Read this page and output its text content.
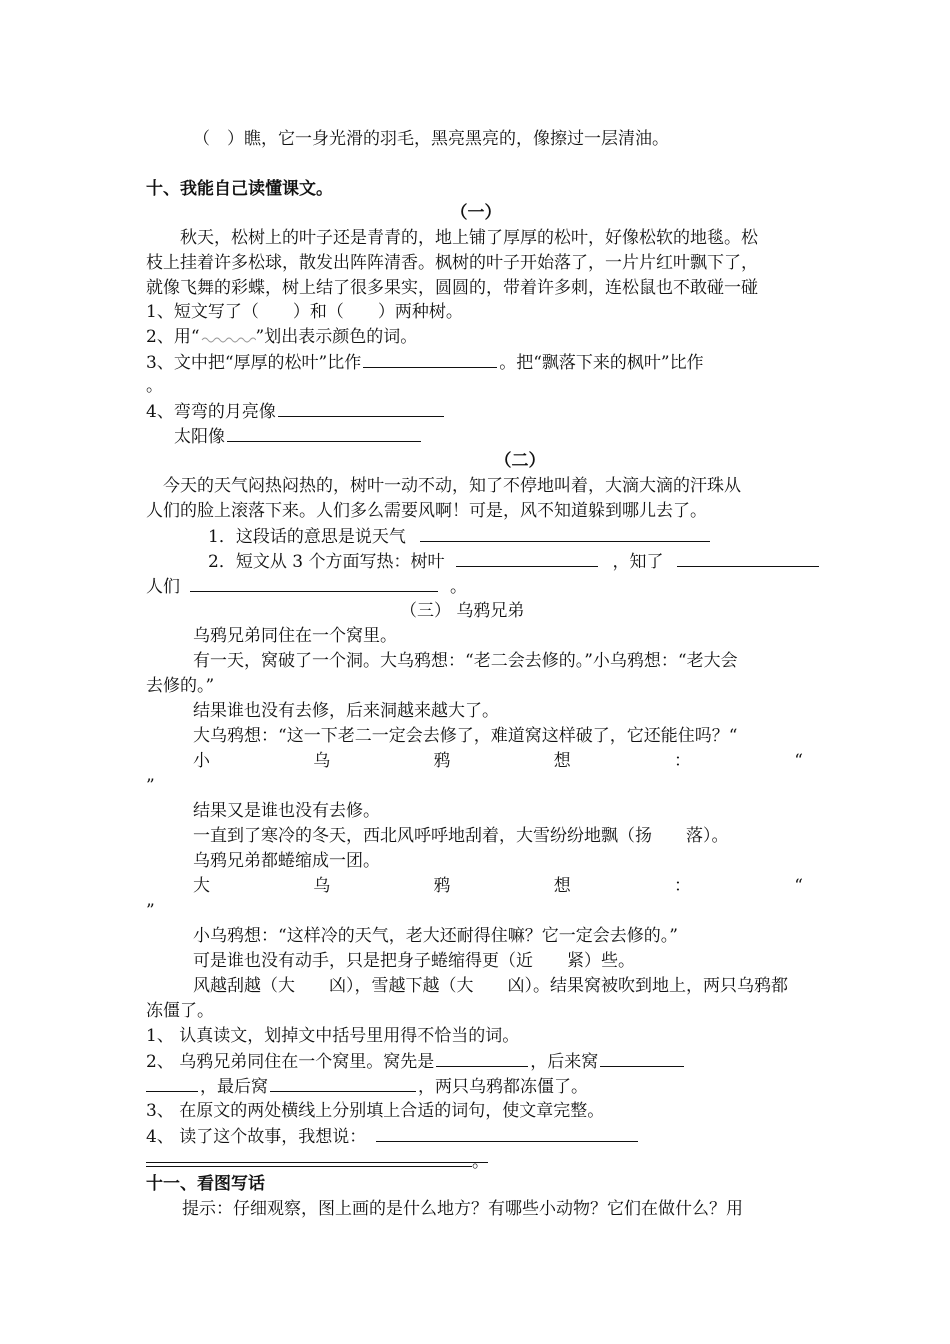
（　）瞧，它一身光滑的羽毛，黑亮黑亮的，像擦过一层清油。
十、我能自己读懂课文。
（一）
　　秋天，松树上的叶子还是青青的，地上铺了厚厚的松叶，好像松软的地毯。松
枝上挂着许多松球，散发出阵阵清香。枫树的叶子开始落了，一片片红叶飘下了，
就像飞舞的彩蝶，树上结了很多果实，圆圆的，带着许多刺，连松鼠也不敢碰一碰
1、短文写了（　　）和（　　）两种树。
2、用“	”划出表示颜色的词。
3、文中把“厚厚的松叶”比作	。把“飘落下来的枫叶”比作
。
4、弯弯的月亮像
太阳像
（二）
　今天的天气闷热闷热的，树叶一动不动，知了不停地叫着，大滴大滴的汗珠从
人们的脸上滚落下来。人们多么需要风啊！可是，风不知道躲到哪儿去了。
1．这段话的意思是说天气
2．短文从 3 个方面写热：树叶	，知了
人们	。
（三） 乌鸦兄弟
乌鸦兄弟同住在一个窝里。
有一天，窝破了一个洞。大乌鸦想：“老二会去修的。”小乌鸦想：“老大会
去修的。”
结果谁也没有去修，后来洞越来越大了。
大乌鸦想：“这一下老二一定会去修了，难道窝这样破了，它还能住吗？“
小	乌	鸦	想	：	“
”
结果又是谁也没有去修。
一直到了寒冷的冬天，西北风呼呼地刮着，大雪纷纷地飘（扬　　落）。
乌鸦兄弟都蜷缩成一团。
大	乌	鸦	想	：	“
”
小乌鸦想：“这样冷的天气，老大还耐得住嘛？它一定会去修的。”
可是谁也没有动手，只是把身子蜷缩得更（近　　紧）些。
风越刮越（大　　凶），雪越下越（大　　凶）。结果窝被吹到地上，两只乌鸦都
冻僵了。
1、 认真读文，划掉文中括号里用得不恰当的词。
2、 乌鸦兄弟同住在一个窝里。窝先是	，后来窝
，最后窝	，两只乌鸦都冻僵了。
3、 在原文的两处横线上分别填上合适的词句，使文章完整。
4、 读了这个故事，我想说：
。
十一、看图写话
提示：仔细观察，图上画的是什么地方？有哪些小动物？它们在做什么？用
